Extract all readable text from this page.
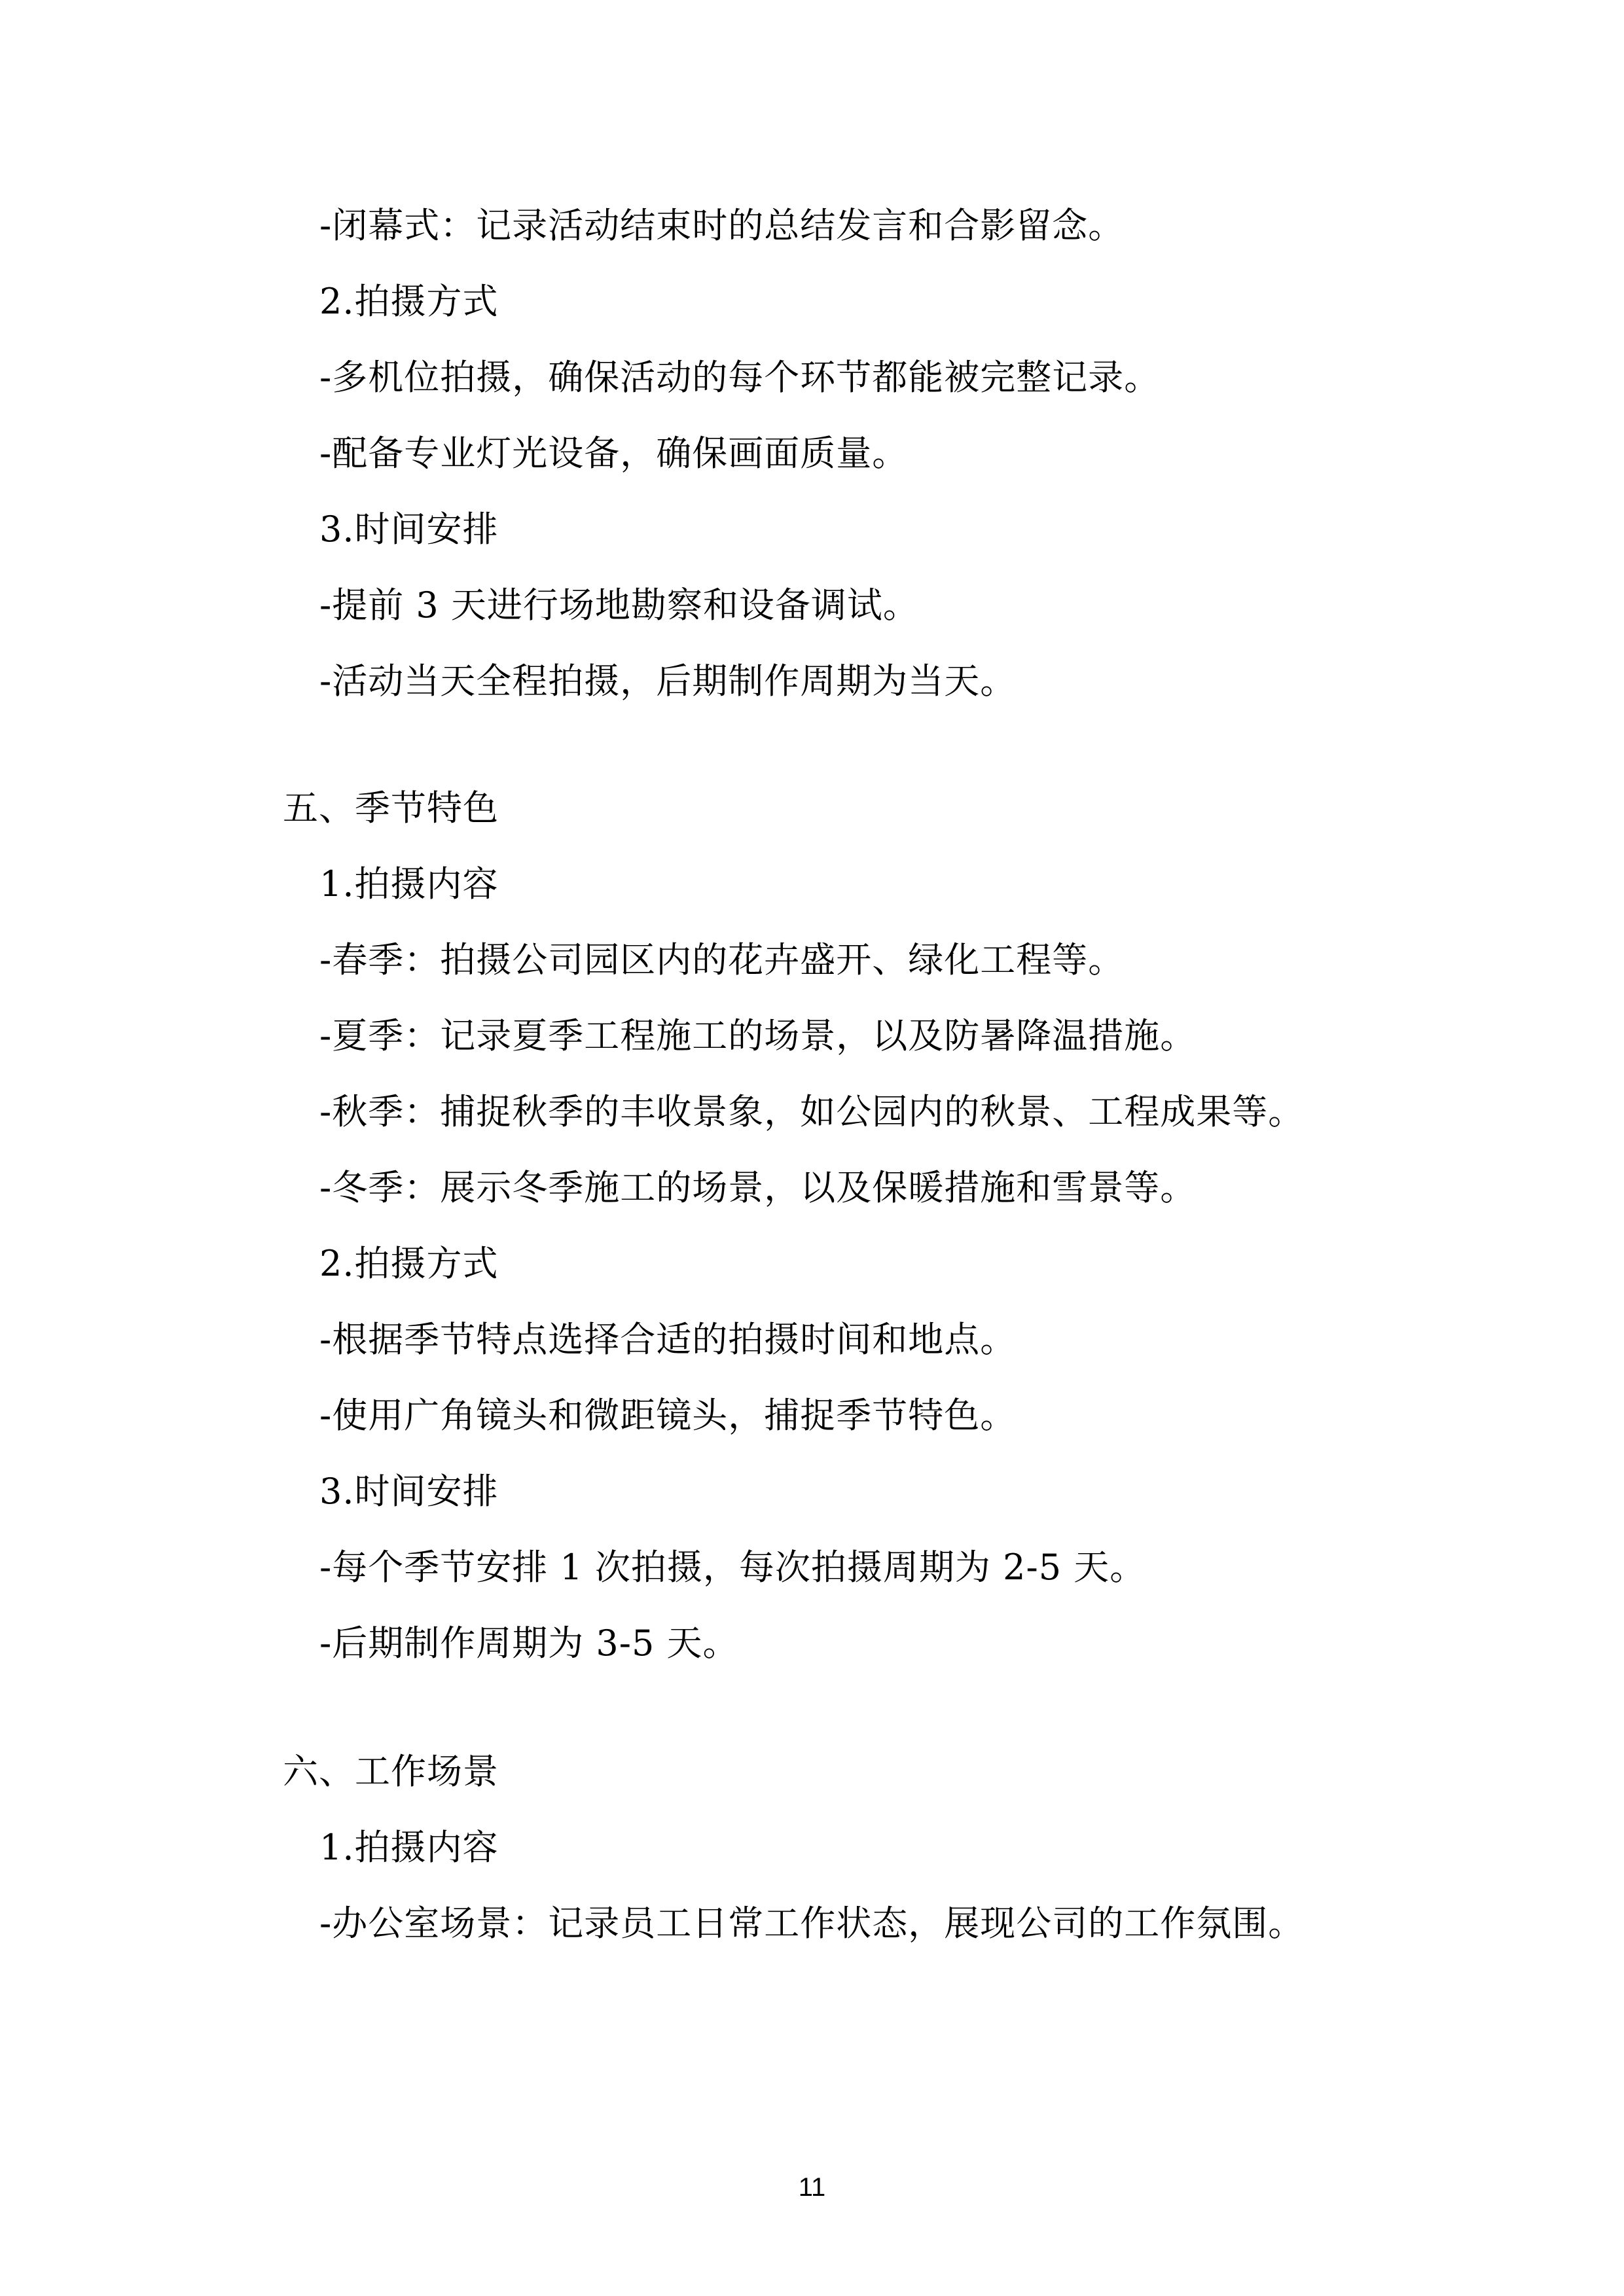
-闭幕式：记录活动结束时的总结发言和合影留念。
2.拍摄方式
-多机位拍摄，确保活动的每个环节都能被完整记录。
-配备专业灯光设备，确保画面质量。
3.时间安排
-提前 3 天进行场地勘察和设备调试。
-活动当天全程拍摄，后期制作周期为当天。
五、季节特色
1.拍摄内容
-春季：拍摄公司园区内的花卉盛开、绿化工程等。
-夏季：记录夏季工程施工的场景，以及防暑降温措施。
-秋季：捕捉秋季的丰收景象，如公园内的秋景、工程成果等。
-冬季：展示冬季施工的场景，以及保暖措施和雪景等。
2.拍摄方式
-根据季节特点选择合适的拍摄时间和地点。
-使用广角镜头和微距镜头，捕捉季节特色。
3.时间安排
-每个季节安排 1 次拍摄，每次拍摄周期为 2-5 天。
-后期制作周期为 3-5 天。
六、工作场景
1.拍摄内容
-办公室场景：记录员工日常工作状态，展现公司的工作氛围。
11
